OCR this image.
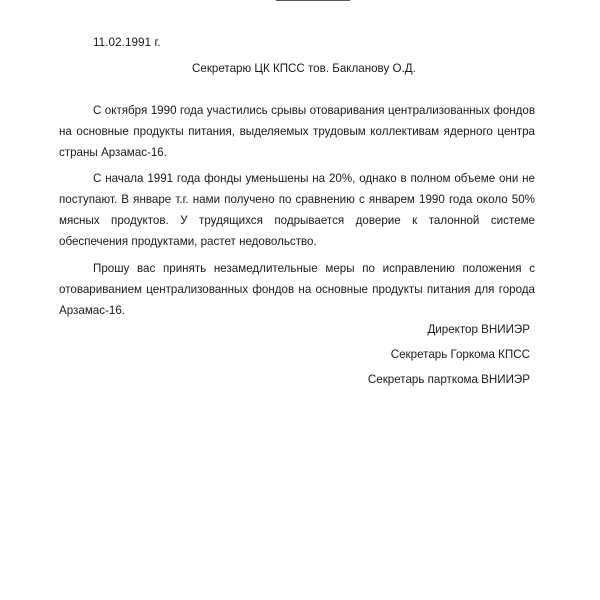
11.02.1991 г.
Секретарю ЦК КПСС тов. Бакланову О.Д.

С октября 1990 года участились срывы отоваривания централизованных фондов на основные продукты питания, выделяемых трудовым коллективам ядерного центра страны Арзамас-16.

С начала 1991 года фонды уменьшены на 20%, однако в полном объеме они не поступают. В январе т.г. нами получено по сравнению с январем 1990 года около 50% мясных продуктов. У трудящихся подрывается доверие к талонной системе обеспечения продуктами, растет недовольство.

Прошу вас принять незамедлительные меры по исправлению положения с отовариванием централизованных фондов на основные продукты питания для города Арзамас-16.

Директор ВНИИЭР
Секретарь Горкома КПСС
Секретарь парткома ВНИИЭР
